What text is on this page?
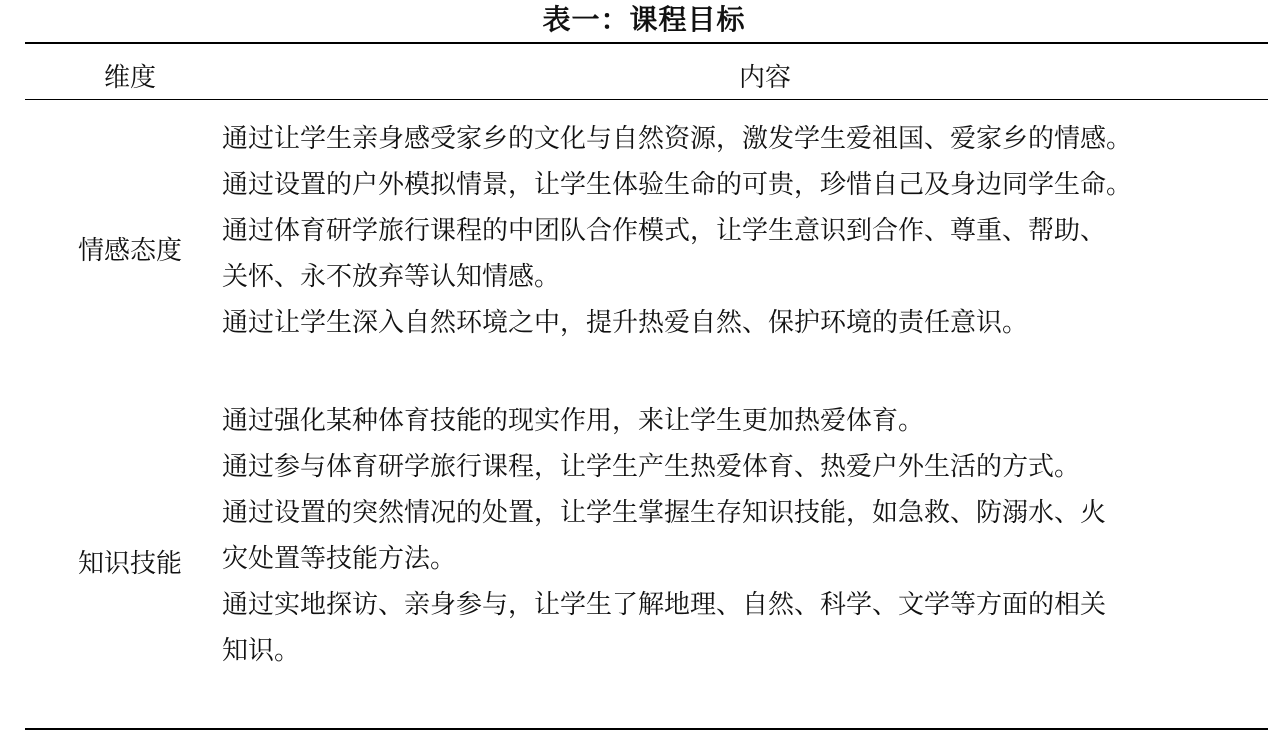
表一：课程目标
维度	内容
情感态度
通过让学生亲身感受家乡的文化与自然资源，激发学生爱祖国、爱家乡的情感。
通过设置的户外模拟情景，让学生体验生命的可贵，珍惜自己及身边同学生命。
通过体育研学旅行课程的中团队合作模式，让学生意识到合作、尊重、帮助、
关怀、永不放弃等认知情感。
通过让学生深入自然环境之中，提升热爱自然、保护环境的责任意识。
知识技能
通过强化某种体育技能的现实作用，来让学生更加热爱体育。
通过参与体育研学旅行课程，让学生产生热爱体育、热爱户外生活的方式。
通过设置的突然情况的处置，让学生掌握生存知识技能，如急救、防溺水、火
灾处置等技能方法。
通过实地探访、亲身参与，让学生了解地理、自然、科学、文学等方面的相关
知识。
